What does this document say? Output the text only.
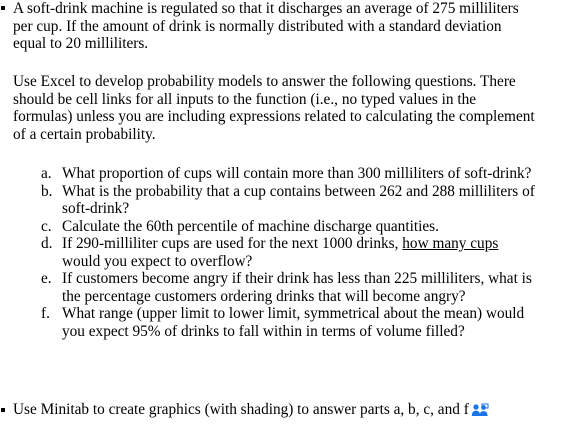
A soft-drink machine is regulated so that it discharges an average of 275 milliliters
per cup. If the amount of drink is normally distributed with a standard deviation
equal to 20 milliliters.
Use Excel to develop probability models to answer the following questions. There
should be cell links for all inputs to the function (i.e., no typed values in the
formulas) unless you are including expressions related to calculating the complement
of a certain probability.
a. What proportion of cups will contain more than 300 milliliters of soft-drink?
b. What is the probability that a cup contains between 262 and 288 milliliters of
soft-drink?
c. Calculate the 60th percentile of machine discharge quantities.
d. If 290-milliliter cups are used for the next 1000 drinks, how many cups
would you expect to overflow?
e. If customers become angry if their drink has less than 225 milliliters, what is
the percentage customers ordering drinks that will become angry?
f. What range (upper limit to lower limit, symmetrical about the mean) would
you expect 95% of drinks to fall within in terms of volume filled?
Use Minitab to create graphics (with shading) to answer parts a, b, c, and f
